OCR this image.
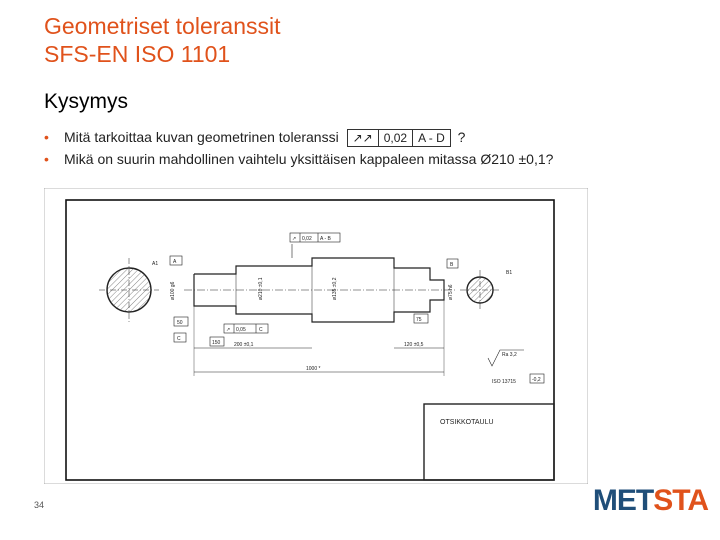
Geometriset toleranssit
SFS-EN ISO 1101
Kysymys
• Mitä tarkoittaa kuvan geometrinen toleranssi	↗↗ 0,02 A - D ?
• Mikä on suurin mahdollinen vaihtelu yksittäisen kappaleen mitassa Ø210 ±0,1?
A1	A
ø100 g6	ø210 ±0,1	ø135 ±0,2	ø75 h6
↗ 0,02 A - B
B
B1
50
C
150
↗ 0,05	C
200 ±0,1
75
120 ±0,5
1000 *
Ra 3,2
ISO 13715	-0,2
OTSIKKOTAULU
34	METSTA
